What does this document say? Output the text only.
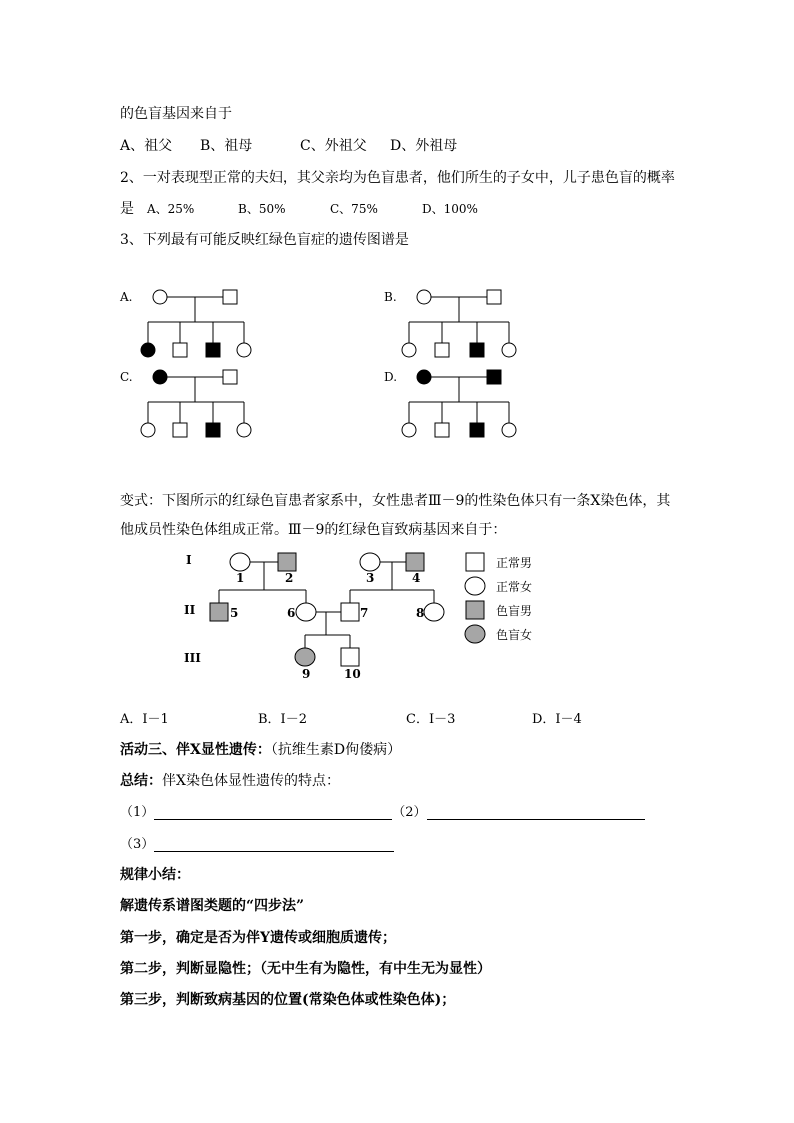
的色盲基因来自于
A、祖父 B、祖母	C、外祖父 D、外祖母
2、一对表现型正常的夫妇，其父亲均为色盲患者，他们所生的子女中，儿子患色盲的概率
是 A、25%	B、50%	C、75%	D、100%
3、下列最有可能反映红绿色盲症的遗传图谱是
A.	B.
C.	D.
I
II
III
1	2	3	4
5	6	7	8
9	10
正常男
正常女
色盲男
色盲女
变式：下图所示的红绿色盲患者家系中，女性患者Ⅲ－9的性染色体只有一条X染色体，其
他成员性染色体组成正常。Ⅲ－9的红绿色盲致病基因来自于：
A．Ⅰ－1	B．Ⅰ－2	C．Ⅰ－3	D．Ⅰ－4
活动三、伴X显性遗传：（抗维生素D佝偻病）
总结：伴X染色体显性遗传的特点：
（1）	（2）
（3）
规律小结：
解遗传系谱图类题的“四步法”
第一步，确定是否为伴Y遗传或细胞质遗传；
第二步，判断显隐性；（无中生有为隐性，有中生无为显性）
第三步，判断致病基因的位置(常染色体或性染色体)；
